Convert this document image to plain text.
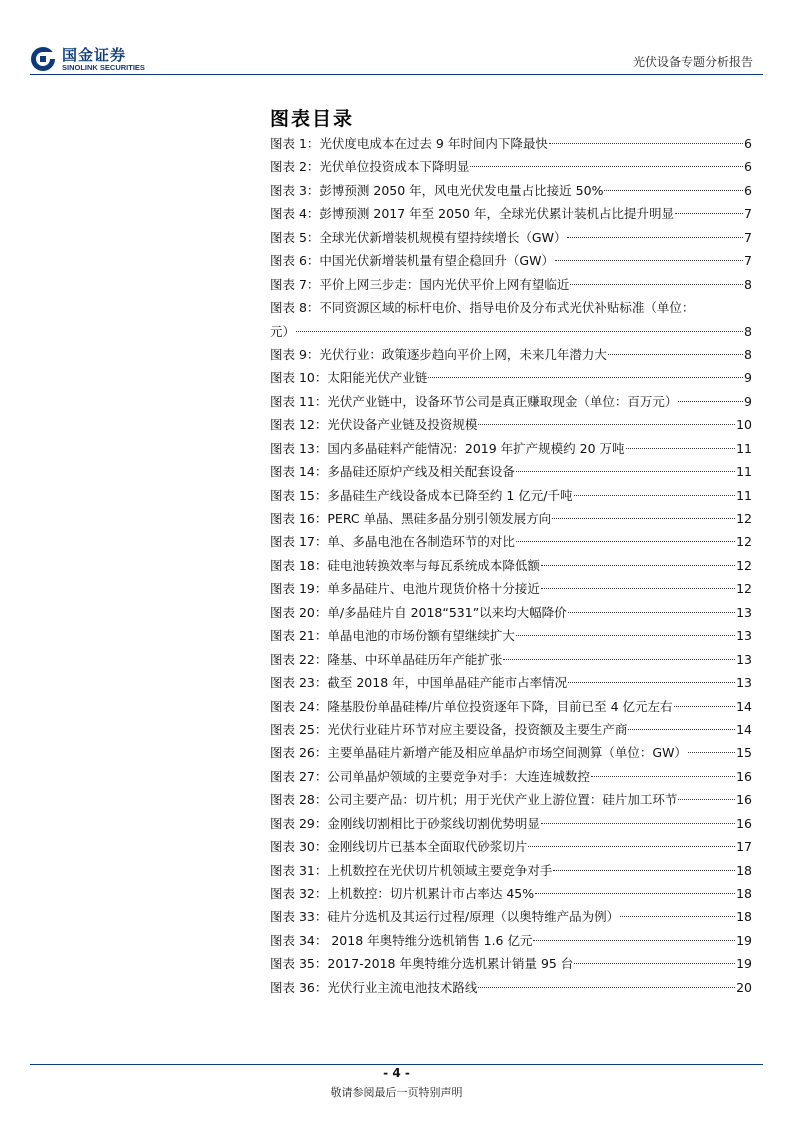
国金证券
SINOLINK SECURITIES	光伏设备专题分析报告
图表目录
图表 1：光伏度电成本在过去 9 年时间内下降最快	6
图表 2：光伏单位投资成本下降明显	6
图表 3：彭博预测 2050 年，风电光伏发电量占比接近 50%	6
图表 4：彭博预测 2017 年至 2050 年，全球光伏累计装机占比提升明显	7
图表 5：全球光伏新增装机规模有望持续增长（GW）	7
图表 6：中国光伏新增装机量有望企稳回升（GW）	7
图表 7：平价上网三步走：国内光伏平价上网有望临近	8
图表 8：不同资源区域的标杆电价、指导电价及分布式光伏补贴标准（单位：
元）	8
图表 9：光伏行业：政策逐步趋向平价上网，未来几年潜力大	8
图表 10：太阳能光伏产业链	9
图表 11：光伏产业链中，设备环节公司是真正赚取现金（单位：百万元）	9
图表 12：光伏设备产业链及投资规模	10
图表 13：国内多晶硅料产能情况：2019 年扩产规模约 20 万吨	11
图表 14：多晶硅还原炉产线及相关配套设备	11
图表 15：多晶硅生产线设备成本已降至约 1 亿元/千吨	11
图表 16：PERC 单晶、黑硅多晶分别引领发展方向	12
图表 17：单、多晶电池在各制造环节的对比	12
图表 18：硅电池转换效率与每瓦系统成本降低额	12
图表 19：单多晶硅片、电池片现货价格十分接近	12
图表 20：单/多晶硅片自 2018“531”以来均大幅降价	13
图表 21：单晶电池的市场份额有望继续扩大	13
图表 22：隆基、中环单晶硅历年产能扩张	13
图表 23：截至 2018 年，中国单晶硅产能市占率情况	13
图表 24：隆基股份单晶硅棒/片单位投资逐年下降，目前已至 4 亿元左右	14
图表 25：光伏行业硅片环节对应主要设备，投资额及主要生产商	14
图表 26：主要单晶硅片新增产能及相应单晶炉市场空间测算（单位：GW）	15
图表 27：公司单晶炉领域的主要竞争对手：大连连城数控	16
图表 28：公司主要产品：切片机；用于光伏产业上游位置：硅片加工环节	16
图表 29：金刚线切割相比于砂浆线切割优势明显	16
图表 30：金刚线切片已基本全面取代砂浆切片	17
图表 31：上机数控在光伏切片机领域主要竞争对手	18
图表 32：上机数控：切片机累计市占率达 45%	18
图表 33：硅片分选机及其运行过程/原理（以奥特维产品为例）	18
图表 34： 2018 年奥特维分选机销售 1.6 亿元	19
图表 35：2017-2018 年奥特维分选机累计销量 95 台	19
图表 36：光伏行业主流电池技术路线	20
- 4 -
敬请参阅最后一页特别声明
